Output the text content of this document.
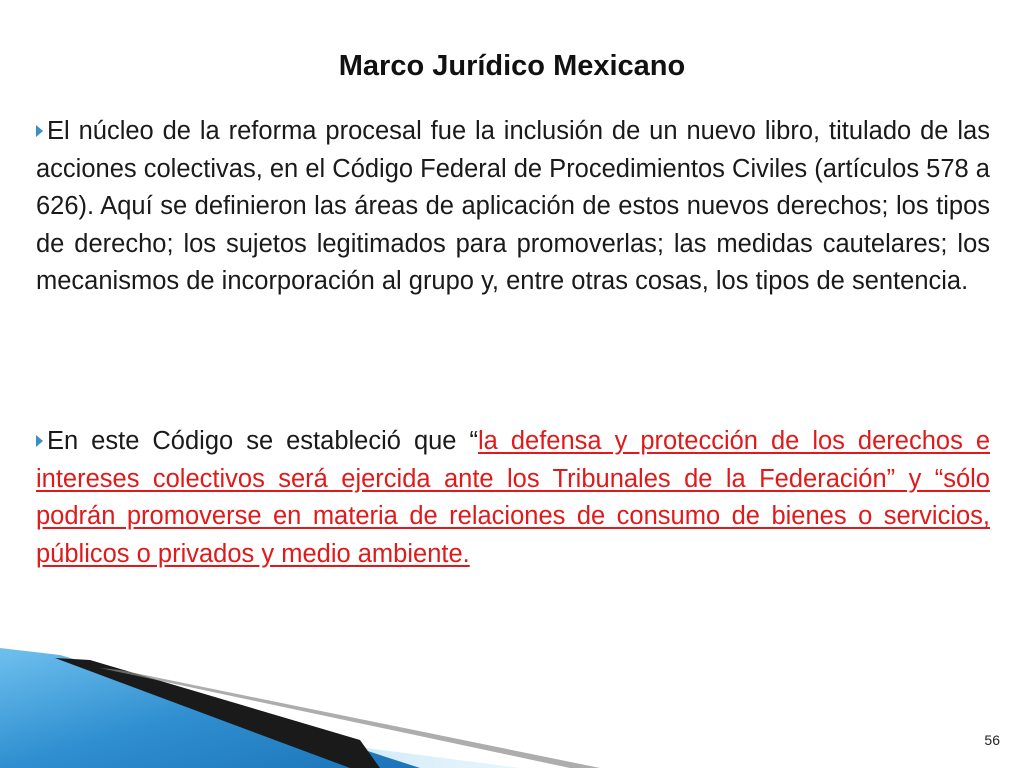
Marco Jurídico Mexicano
El núcleo de la reforma procesal fue la inclusión de un nuevo libro, titulado de las acciones colectivas, en el Código Federal de Procedimientos Civiles (artículos 578 a 626). Aquí se definieron las áreas de aplicación de estos nuevos derechos; los tipos de derecho; los sujetos legitimados para promoverlas; las medidas cautelares; los mecanismos de incorporación al grupo y, entre otras cosas, los tipos de sentencia.
En este Código se estableció que “la defensa y protección de los derechos e intereses colectivos será ejercida ante los Tribunales de la Federación” y “sólo podrán promoverse en materia de relaciones de consumo de bienes o servicios, públicos o privados y medio ambiente.
56
